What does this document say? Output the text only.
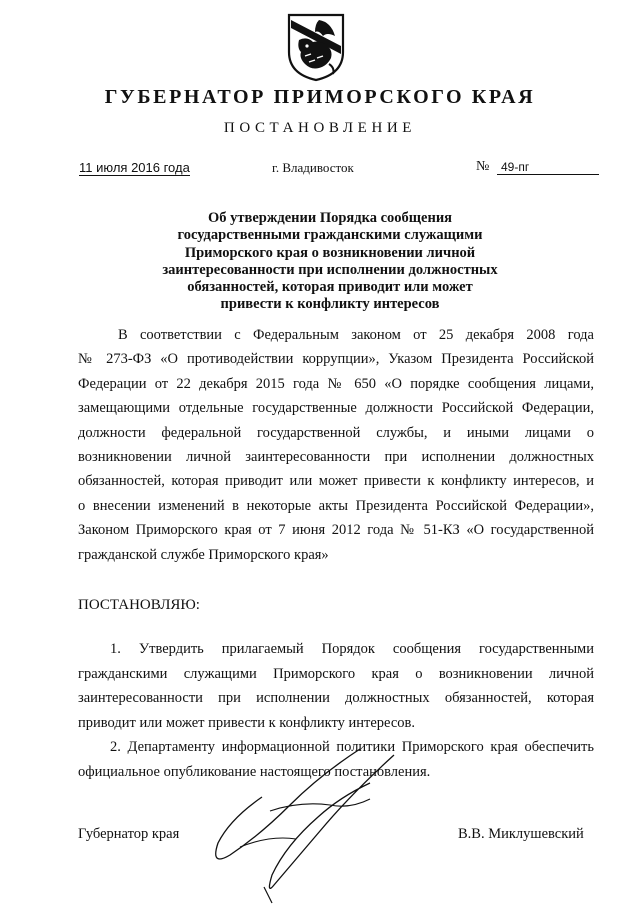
ГУБЕРНАТОР ПРИМОРСКОГО КРАЯ
ПОСТАНОВЛЕНИЕ
11 июля 2016 года	г. Владивосток	№ 49-пг
Об утверждении Порядка сообщения
государственными гражданскими служащими
Приморского края о возникновении личной
заинтересованности при исполнении должностных
обязанностей, которая приводит или может
привести к конфликту интересов
В соответствии с Федеральным законом от 25 декабря 2008 года
№ 273-ФЗ «О противодействии коррупции», Указом Президента Российской
Федерации от 22 декабря 2015 года № 650 «О порядке сообщения лицами,
замещающими отдельные государственные должности Российской Федерации,
должности федеральной государственной службы, и иными лицами о
возникновении личной заинтересованности при исполнении должностных
обязанностей, которая приводит или может привести к конфликту интересов, и
о внесении изменений в некоторые акты Президента Российской Федерации»,
Законом Приморского края от 7 июня 2012 года № 51-КЗ «О государственной
гражданской службе Приморского края»
ПОСТАНОВЛЯЮ:
1. Утвердить прилагаемый Порядок сообщения государственными
гражданскими служащими Приморского края о возникновении личной
заинтересованности при исполнении должностных обязанностей, которая
приводит или может привести к конфликту интересов.
2. Департаменту информационной политики Приморского края обеспечить
официальное опубликование настоящего постановления.
Губернатор края	В.В. Миклушевский
